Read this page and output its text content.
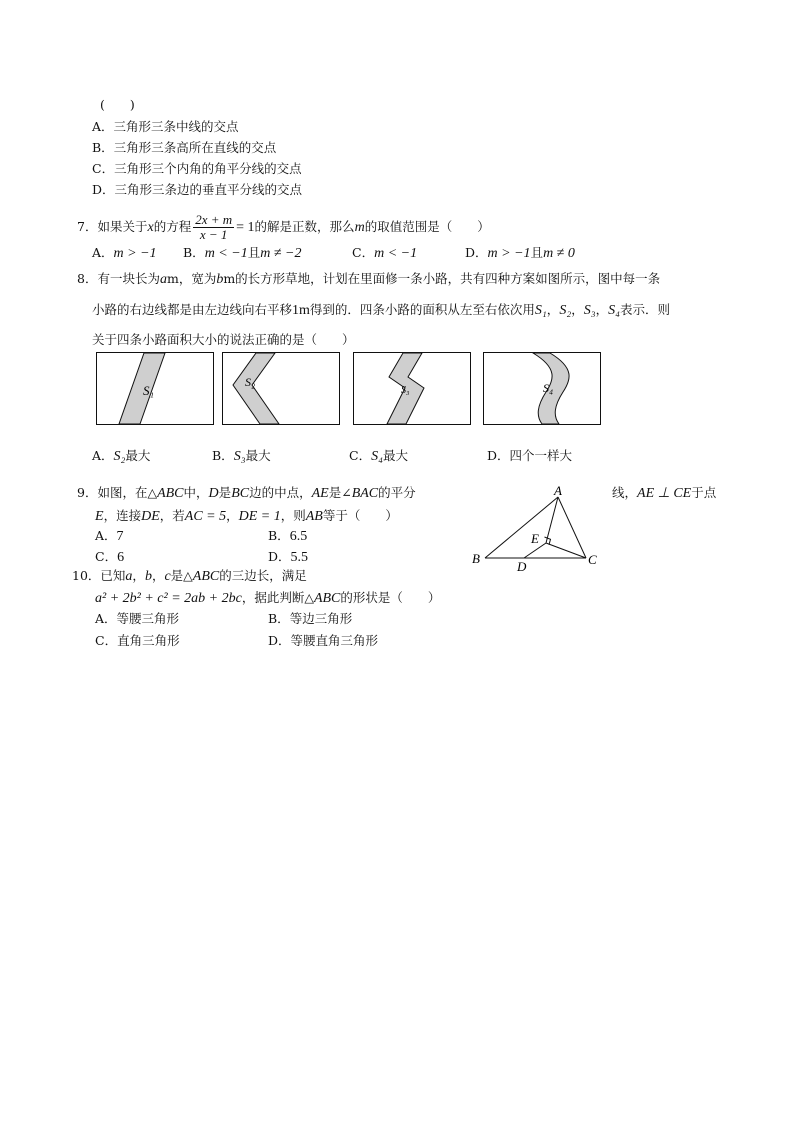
(　　)
A．三角形三条中线的交点
B．三角形三条高所在直线的交点
C．三角形三个内角的角平分线的交点
D．三角形三条边的垂直平分线的交点
7．如果关于x的方程 $\frac{2x + m}{x - 1} = 1$的解是正数，那么m的取值范围是（　　）
A．m > −1 B．m < −1且m ≠ −2	C．m < −1	D．m > −1且m ≠ 0
8．有一块长为am，宽为bm的长方形草地，计划在里面修一条小路，共有四种方案如图所示，图中每一条
小路的右边线都是由左边线向右平移1m得到的．四条小路的面积从左至右依次用S₁，S₂，S₃，S₄表示．则
关于四条小路面积大小的说法正确的是（　　）
S₁
S₂
S₃	S₄
A．S₂最大	B．S₃最大	C．S₄最大	D．四个一样大
9．如图，在△ABC中，D是BC边的中点，AE是∠BAC的平分	线，AE ⊥ CE于点
E，连接DE，若AC = 5，DE = 1，则AB等于（　　）
A．7	B．6.5
C．6	D．5.5
A
B	C
D
E
10．已知a，b，c是△ABC的三边长，满足
a² + 2b² + c² = 2ab + 2bc，据此判断△ABC的形状是（　　）
A．等腰三角形	B．等边三角形
C．直角三角形	D．等腰直角三角形
